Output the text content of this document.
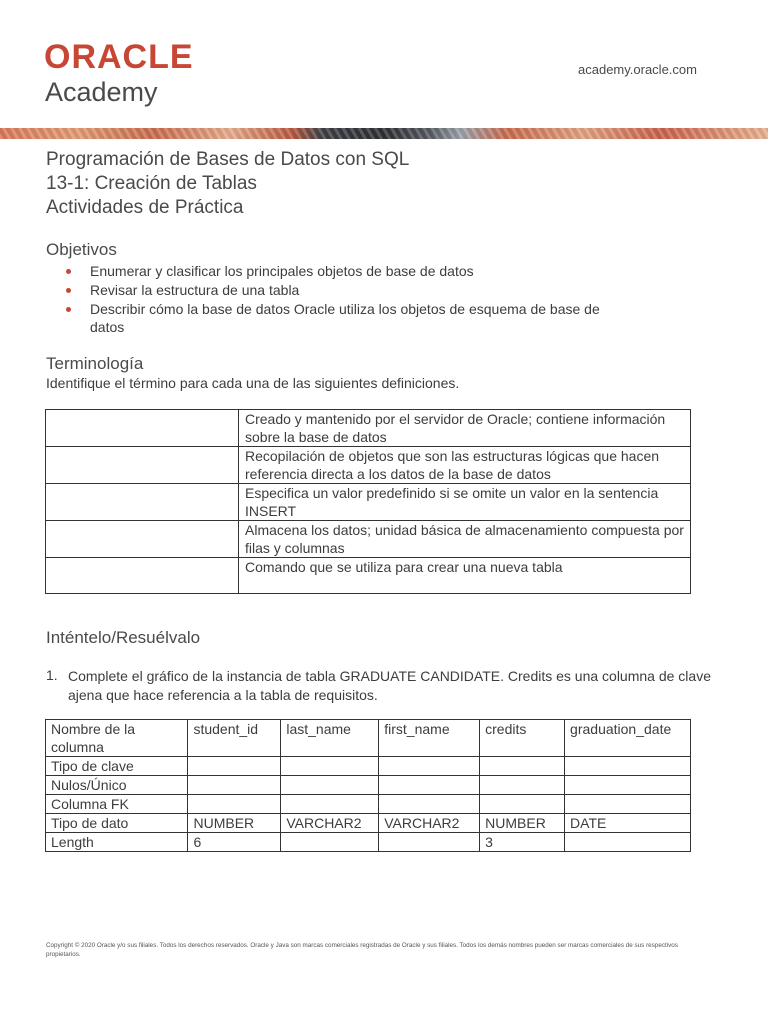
ORACLE
Academy
academy.oracle.com
Programación de Bases de Datos con SQL
13-1: Creación de Tablas
Actividades de Práctica
Objetivos
Enumerar y clasificar los principales objetos de base de datos
Revisar la estructura de una tabla
Describir cómo la base de datos Oracle utiliza los objetos de esquema de base de datos
Terminología
Identifique el término para cada una de las siguientes definiciones.
	Creado y mantenido por el servidor de Oracle; contiene información sobre la base de datos
	Recopilación de objetos que son las estructuras lógicas que hacen referencia directa a los datos de la base de datos
	Especifica un valor predefinido si se omite un valor en la sentencia INSERT
	Almacena los datos; unidad básica de almacenamiento compuesta por filas y columnas
	Comando que se utiliza para crear una nueva tabla
Inténtelo/Resuélvalo
1. Complete el gráfico de la instancia de tabla GRADUATE CANDIDATE. Credits es una columna de clave ajena que hace referencia a la tabla de requisitos.
Nombre de la columna	student_id	last_name	first_name	credits	graduation_date
Tipo de clave					
Nulos/Único					
Columna FK					
Tipo de dato	NUMBER	VARCHAR2	VARCHAR2	NUMBER	DATE
Length	6			3	
Copyright © 2020 Oracle y/o sus filiales. Todos los derechos reservados. Oracle y Java son marcas comerciales registradas de Oracle y sus filiales. Todos los demás nombres pueden ser marcas comerciales de sus respectivos propietarios.
